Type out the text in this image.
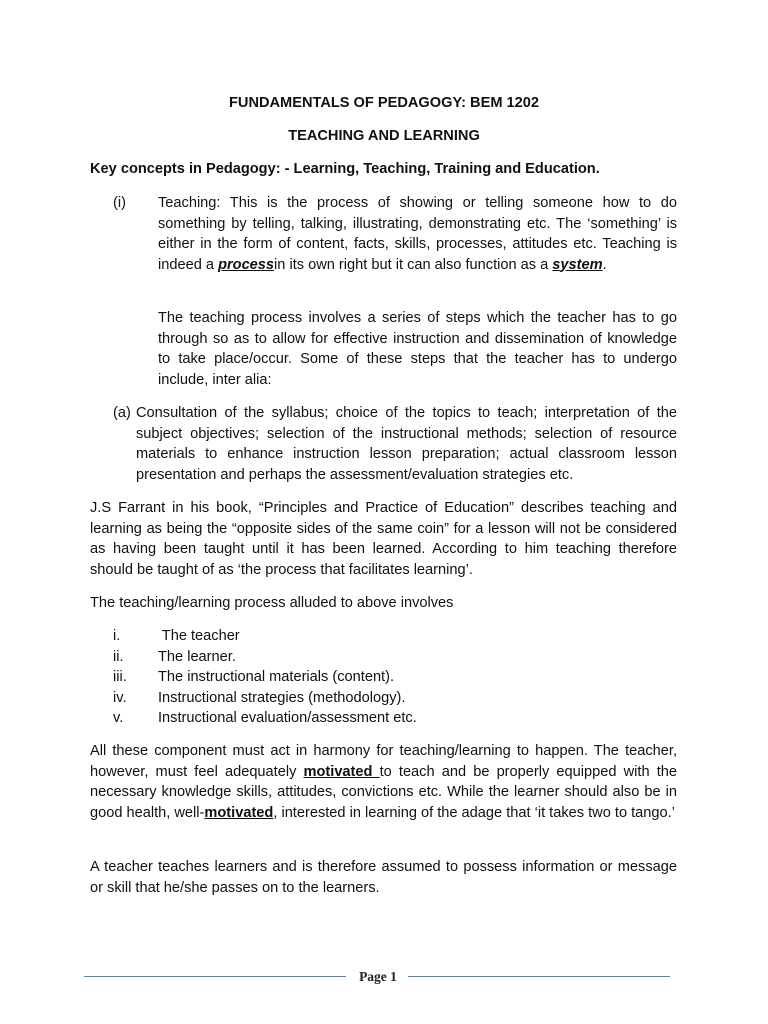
FUNDAMENTALS OF PEDAGOGY: BEM 1202
TEACHING AND LEARNING
Key concepts in Pedagogy: - Learning, Teaching, Training and Education.
(i) Teaching: This is the process of showing or telling someone how to do something by telling, talking, illustrating, demonstrating etc. The ‘something’ is either in the form of content, facts, skills, processes, attitudes etc. Teaching is indeed a processin its own right but it can also function as a system.
The teaching process involves a series of steps which the teacher has to go through so as to allow for effective instruction and dissemination of knowledge to take place/occur. Some of these steps that the teacher has to undergo include, inter alia:
(a) Consultation of the syllabus; choice of the topics to teach; interpretation of the subject objectives; selection of the instructional methods; selection of resource materials to enhance instruction lesson preparation; actual classroom lesson presentation and perhaps the assessment/evaluation strategies etc.
J.S Farrant in his book, “Principles and Practice of Education” describes teaching and learning as being the “opposite sides of the same coin” for a lesson will not be considered as having been taught until it has been learned. According to him teaching therefore should be taught of as ‘the process that facilitates learning’.
The teaching/learning process alluded to above involves
i.	The teacher
ii. The learner.
iii. The instructional materials (content).
iv. Instructional strategies (methodology).
v. Instructional evaluation/assessment etc.
All these component must act in harmony for teaching/learning to happen. The teacher, however, must feel adequately motivated to teach and be properly equipped with the necessary knowledge skills, attitudes, convictions etc. While the learner should also be in good health, well-motivated, interested in learning of the adage that ‘it takes two to tango.’
A teacher teaches learners and is therefore assumed to possess information or message or skill that he/she passes on to the learners.
Page 1
